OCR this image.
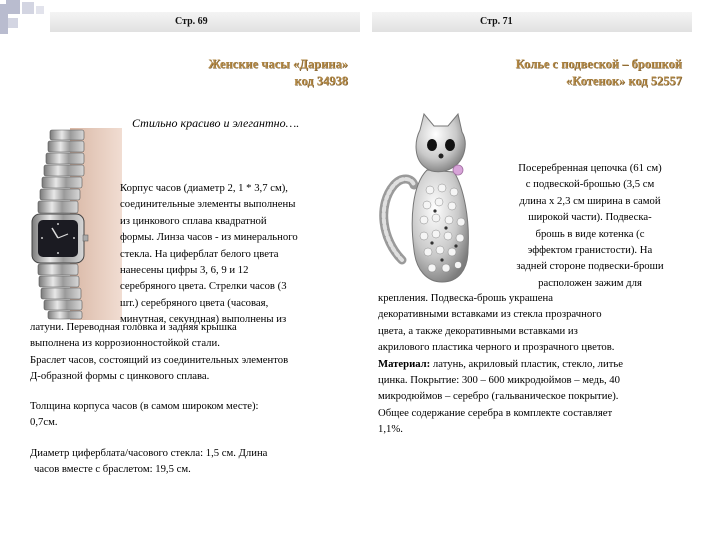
Стр. 69	Стр. 71
Женские часы «Дарина»
код 34938
Колье с подвеской – брошкой
«Котенок» код 52557
Стильно красиво и элегантно….
Корпус часов (диаметр 2, 1 * 3,7 см),
соединительные элементы выполнены
из цинкового сплава квадратной
формы. Линза часов - из минерального
стекла. На циферблат белого цвета
нанесены цифры 3, 6, 9 и 12
серебряного цвета. Стрелки часов (3
шт.) серебряного цвета (часовая,
минутная, секундная) выполнены из
латуни. Переводная головка и задняя крышка
выполнена из коррозионностойкой стали.
Браслет часов, состоящий из соединительных элементов
Д-образной формы с цинкового сплава.
Толщина корпуса часов (в самом широком месте):
0,7см.
Диаметр циферблата/часового стекла: 1,5 см. Длина
часов вместе с браслетом: 19,5 см.
Посеребренная цепочка (61 см)
с подвеской-брошью (3,5 см
длина х 2,3 см ширина в самой
широкой части). Подвеска-
брошь в виде котенка (с
эффектом гранистости). На
задней стороне подвески-броши
расположен зажим для
крепления. Подвеска-брошь украшена
декоративными вставками из стекла прозрачного
цвета, а также декоративными вставками из
акрилового пластика черного и прозрачного цветов.
Материал: латунь, акриловый пластик, стекло, литье
цинка. Покрытие: 300 – 600 микродюймов – медь, 40
микродюймов – серебро (гальваническое покрытие).
Общее содержание серебра в комплекте составляет
1,1%.
